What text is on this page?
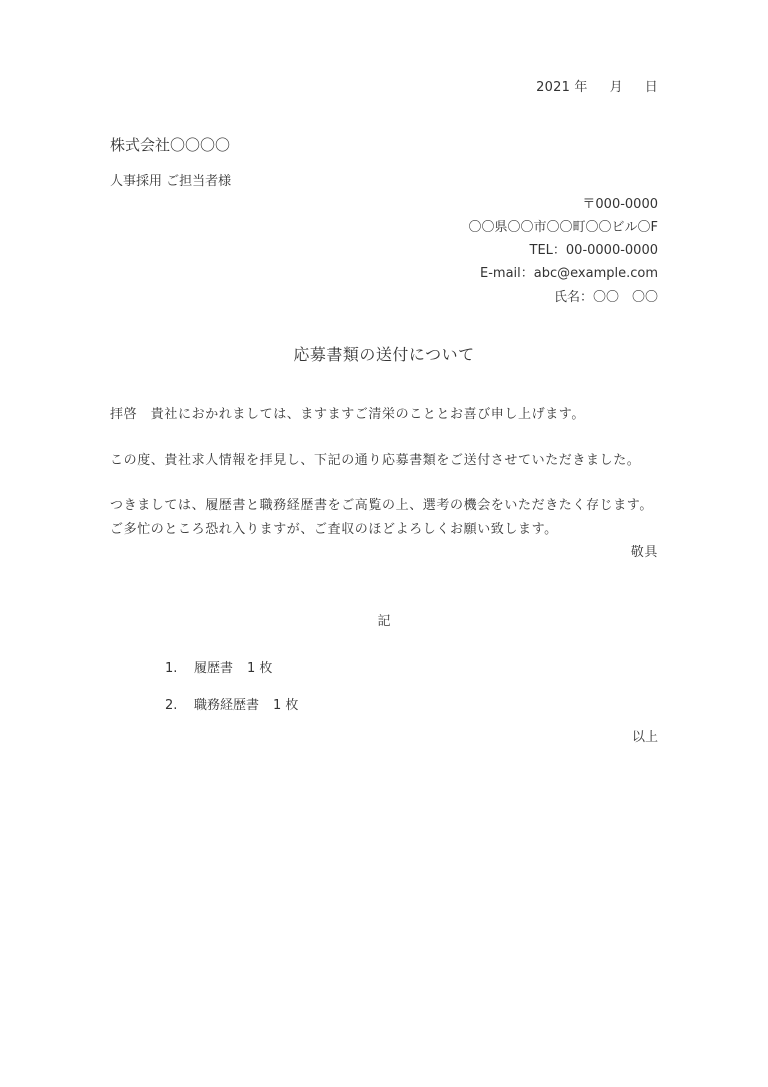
2021 年 月 日
株式会社〇〇〇〇
人事採用 ご担当者様
〒000-0000
〇〇県〇〇市〇〇町〇〇ビル〇F
TEL：00-0000-0000
E-mail：abc@example.com
氏名：〇〇　〇〇
応募書類の送付について
拝啓　貴社におかれましては、ますますご清栄のこととお喜び申し上げます。
この度、貴社求人情報を拝見し、下記の通り応募書類をご送付させていただきました。
つきましては、履歴書と職務経歴書をご高覧の上、選考の機会をいただきたく存じます。
ご多忙のところ恐れ入りますが、ご査収のほどよろしくお願い致します。
敬具
記
1. 履歴書 1 枚
2. 職務経歴書 1 枚
以上
